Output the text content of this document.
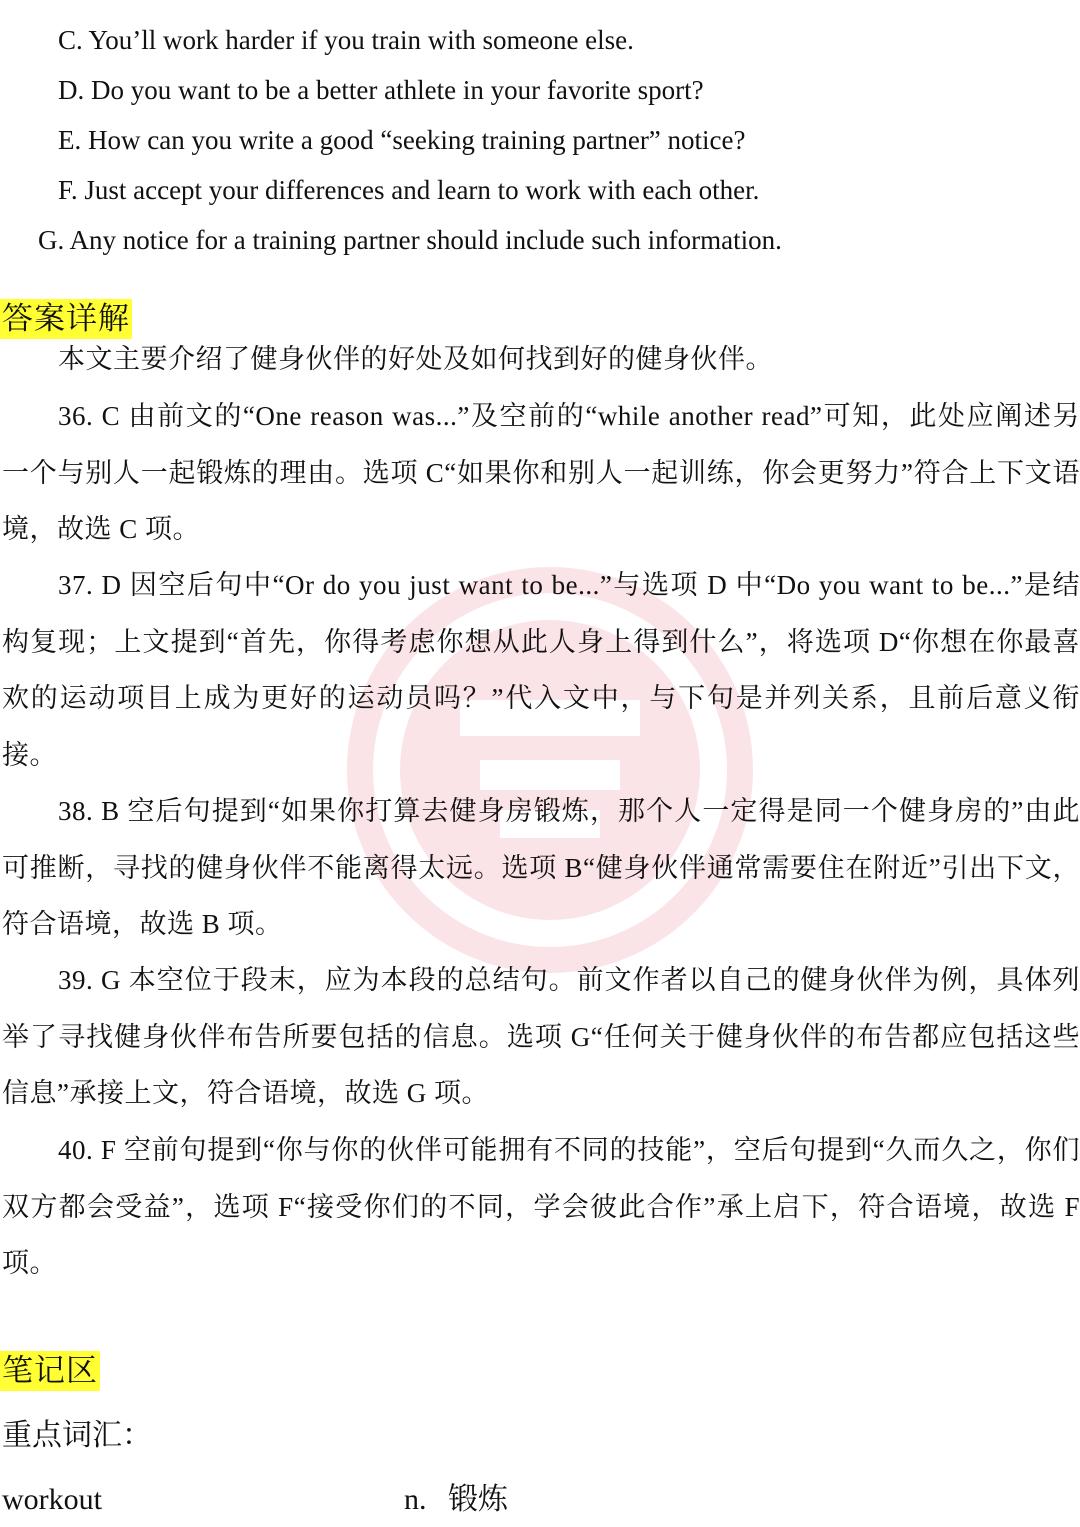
C. You’ll work harder if you train with someone else.
D. Do you want to be a better athlete in your favorite sport?
E. How can you write a good “seeking training partner” notice?
F. Just accept your differences and learn to work with each other.
G. Any notice for a training partner should include such information.
答案详解
本文主要介绍了健身伙伴的好处及如何找到好的健身伙伴。
36. C 由前文的“One reason was...”及空前的“while another read”可知，此处应阐述另一个与别人一起锻炼的理由。选项 C“如果你和别人一起训练，你会更努力”符合上下文语境，故选 C 项。
37. D 因空后句中“Or do you just want to be...”与选项 D 中“Do you want to be...”是结构复现；上文提到“首先，你得考虑你想从此人身上得到什么”，将选项 D“你想在你最喜欢的运动项目上成为更好的运动员吗？”代入文中，与下句是并列关系，且前后意义衔接。
38. B 空后句提到“如果你打算去健身房锻炼，那个人一定得是同一个健身房的”由此可推断，寻找的健身伙伴不能离得太远。选项 B“健身伙伴通常需要住在附近”引出下文，符合语境，故选 B 项。
39. G 本空位于段末，应为本段的总结句。前文作者以自己的健身伙伴为例，具体列举了寻找健身伙伴布告所要包括的信息。选项 G“任何关于健身伙伴的布告都应包括这些信息”承接上文，符合语境，故选 G 项。
40. F 空前句提到“你与你的伙伴可能拥有不同的技能”，空后句提到“久而久之，你们双方都会受益”，选项 F“接受你们的不同，学会彼此合作”承上启下，符合语境，故选 F 项。
笔记区
重点词汇：
workout	n. 锻炼
